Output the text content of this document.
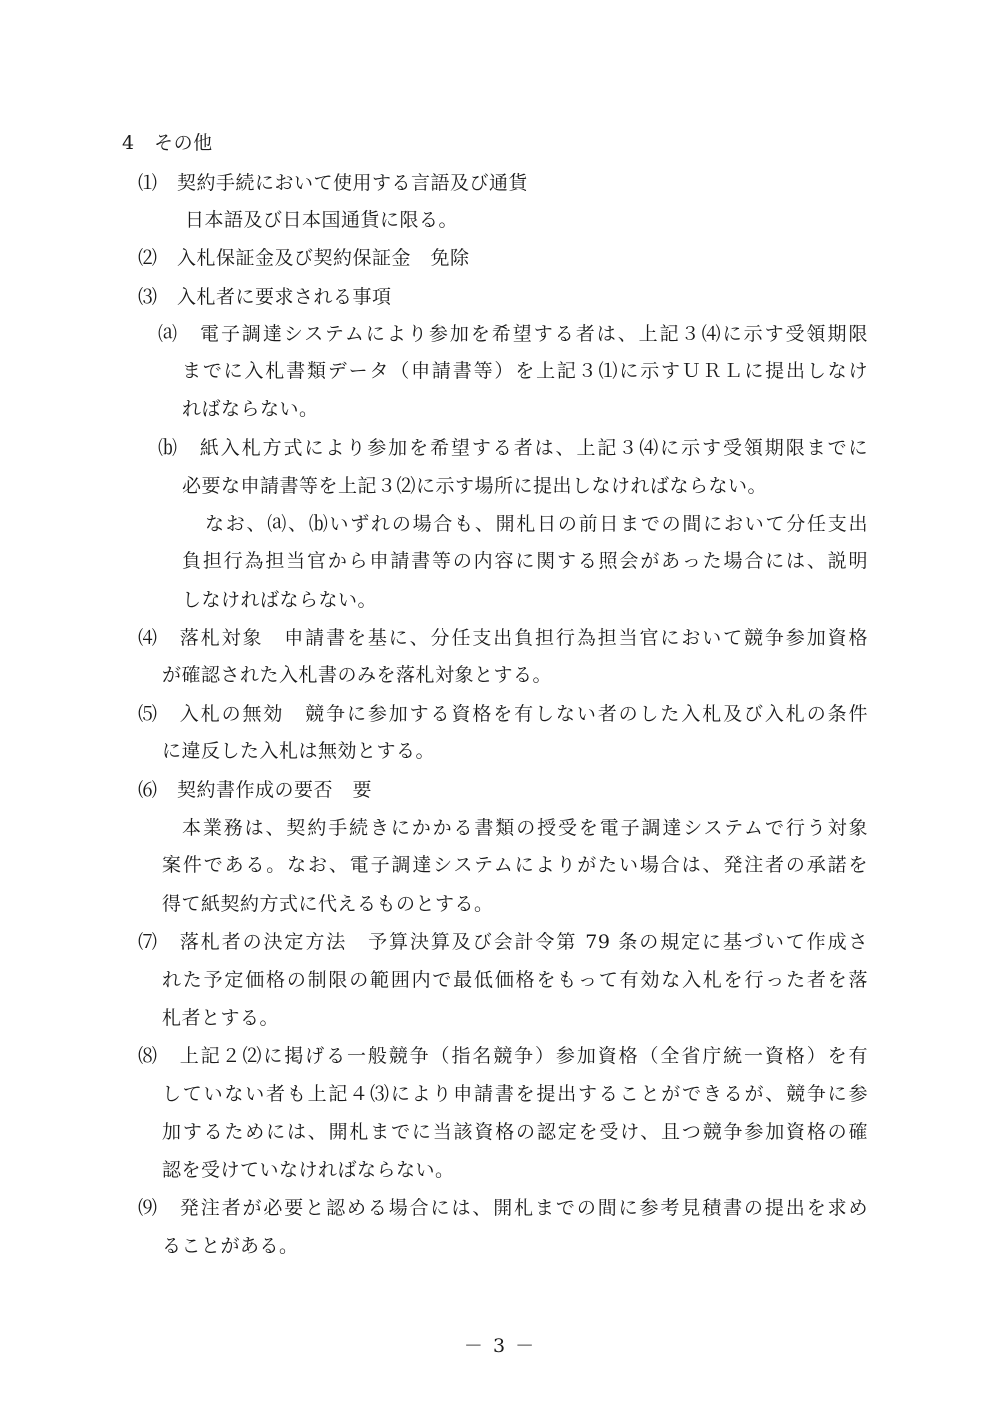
4　その他
⑴　契約手続において使用する言語及び通貨
日本語及び日本国通貨に限る。
⑵　入札保証金及び契約保証金　免除
⑶　入札者に要求される事項
⒜　電子調達システムにより参加を希望する者は、上記３⑷に示す受領期限
までに入札書類データ（申請書等）を上記３⑴に示すＵＲＬに提出しなけ
ればならない。
⒝　紙入札方式により参加を希望する者は、上記３⑷に示す受領期限までに
必要な申請書等を上記３⑵に示す場所に提出しなければならない。
なお、⒜、⒝いずれの場合も、開札日の前日までの間において分任支出
負担行為担当官から申請書等の内容に関する照会があった場合には、説明
しなければならない。
⑷　落札対象　申請書を基に、分任支出負担行為担当官において競争参加資格
が確認された入札書のみを落札対象とする。
⑸　入札の無効　競争に参加する資格を有しない者のした入札及び入札の条件
に違反した入札は無効とする。
⑹　契約書作成の要否　要
本業務は、契約手続きにかかる書類の授受を電子調達システムで行う対象
案件である。なお、電子調達システムによりがたい場合は、発注者の承諾を
得て紙契約方式に代えるものとする。
⑺　落札者の決定方法　予算決算及び会計令第 79 条の規定に基づいて作成さ
れた予定価格の制限の範囲内で最低価格をもって有効な入札を行った者を落
札者とする。
⑻　上記２⑵に掲げる一般競争（指名競争）参加資格（全省庁統一資格）を有
していない者も上記４⑶により申請書を提出することができるが、競争に参
加するためには、開札までに当該資格の認定を受け、且つ競争参加資格の確
認を受けていなければならない。
⑼　発注者が必要と認める場合には、開札までの間に参考見積書の提出を求め
ることがある。
－ 3 －
